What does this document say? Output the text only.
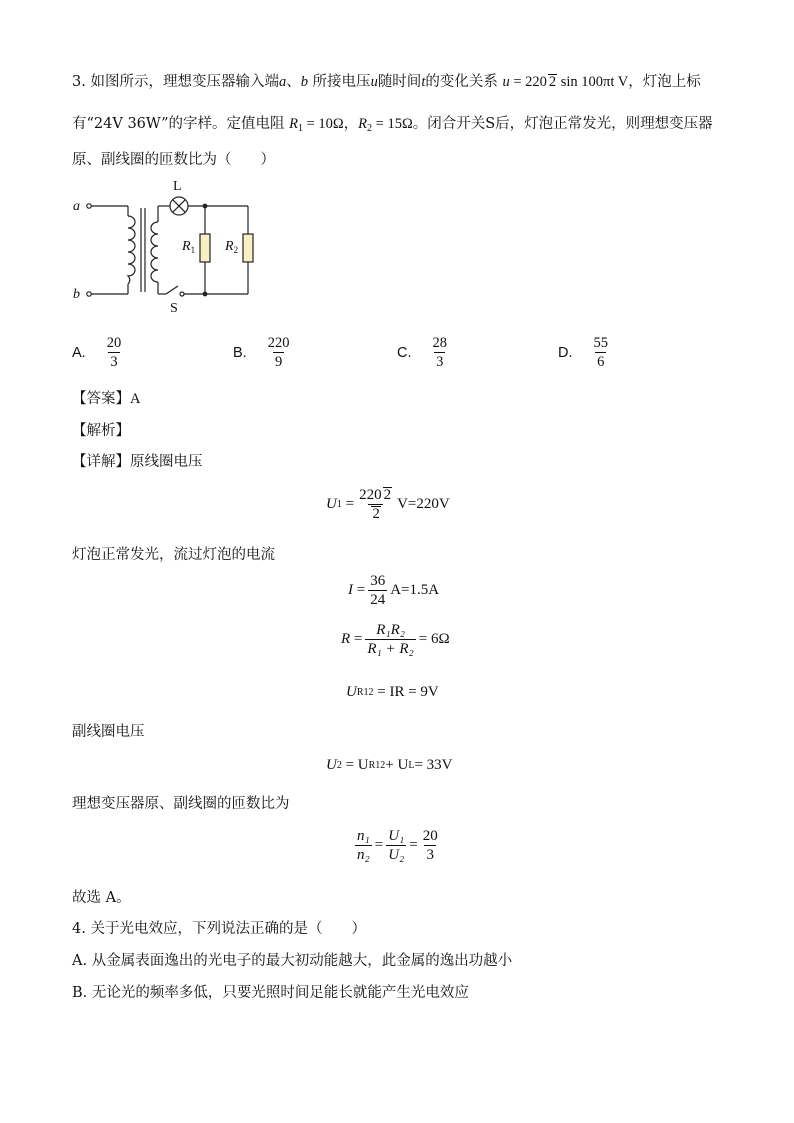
3. 如图所示，理想变压器输入端a、b 所接电压u随时间t的变化关系 u = 220 2 sin 100πt V，灯泡上标
有“24V 36W”的字样。定值电阻 $R_1 = 10\Omega$，$R_2 = 15\Omega$。闭合开关S后，灯泡正常发光，则理想变压器
原、副线圈的匝数比为（　　）
a
b
L
$R_1$ $R_2$
S
A. $\frac{20}{3}$	B. $\frac{220}{9}$	C. $\frac{28}{3}$	D. $\frac{55}{6}$
【答案】A
【解析】
【详解】原线圈电压
U $1 = \frac{220 2}{2} V=220V$
灯泡正常发光，流过灯泡的电流
$I = \frac{36}{24} A=1.5A$
$R = \frac{\text{R₁R₂}}{\text{R₁ + R₂}} = 6\Omega$
U R12
= IR = 9V
副线圈电压
U 2
= U R12 + U L = 33V
理想变压器原、副线圈的匝数比为
$\frac{\text{n₁}}{\text{n₂}} = \frac{\text{U₁}}{\text{U₂}} = \frac{20}{3}$
故选 A。
4. 关于光电效应，下列说法正确的是（　　）
A. 从金属表面逸出的光电子的最大初动能越大，此金属的逸出功越小
B. 无论光的频率多低，只要光照时间足能长就能产生光电效应
